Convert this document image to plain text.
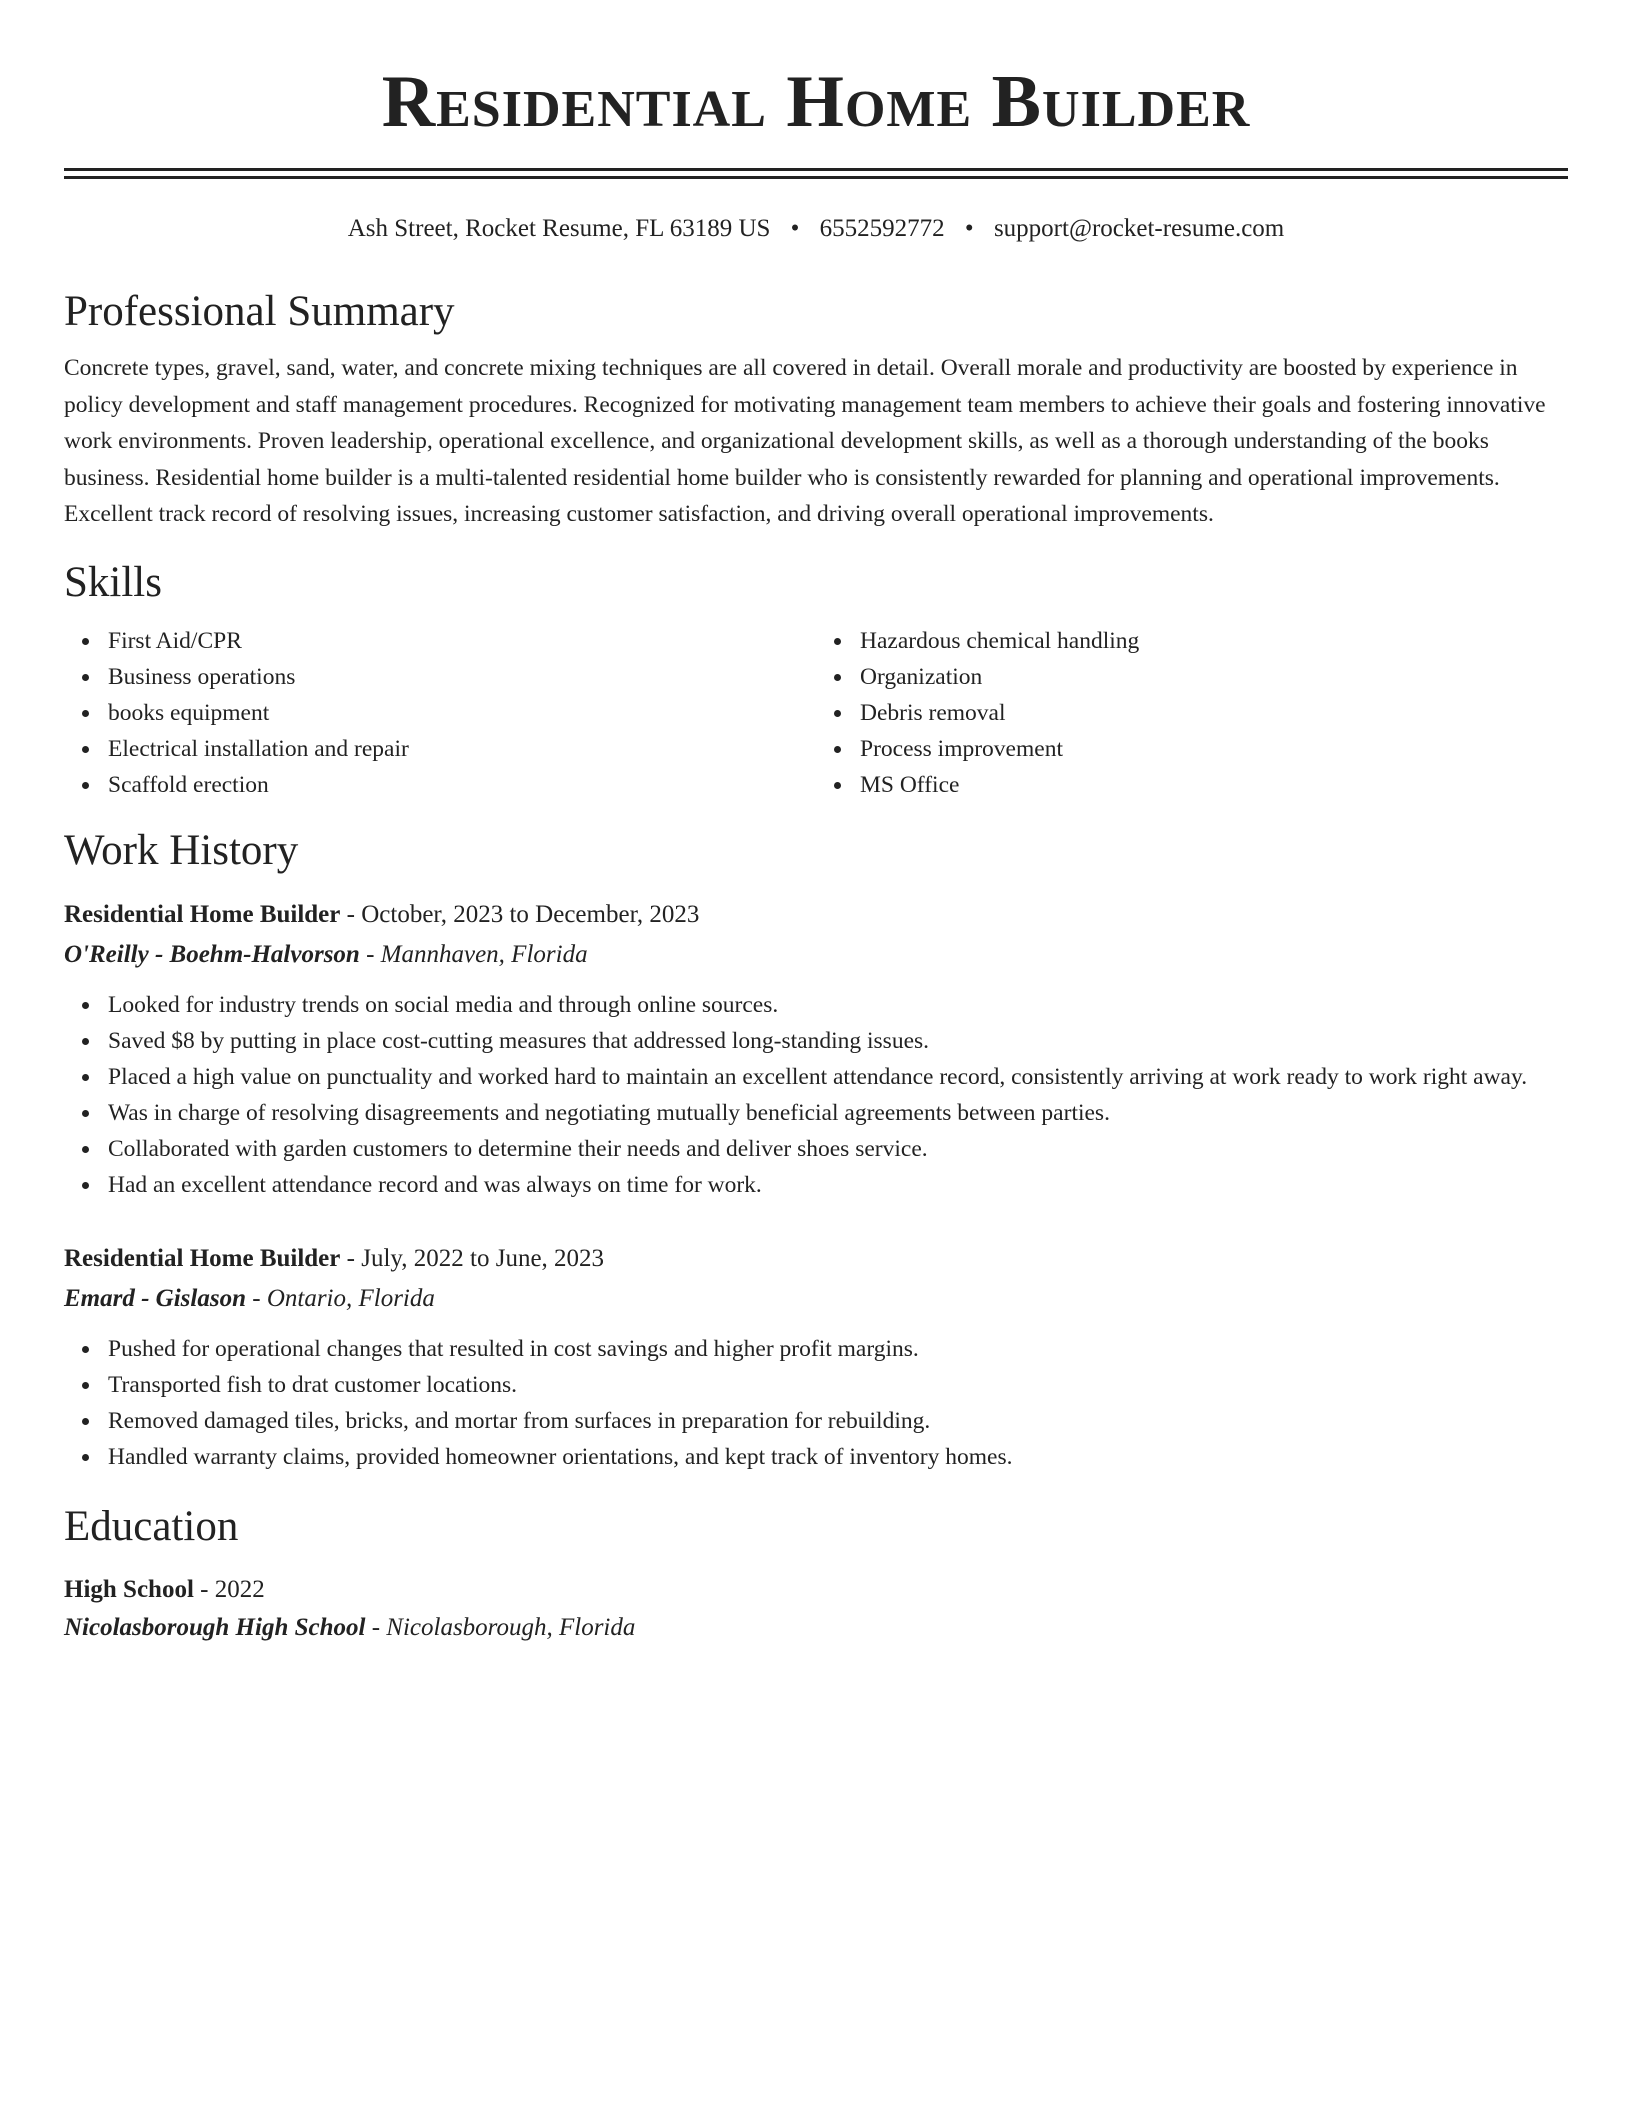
Residential Home Builder
Ash Street, Rocket Resume, FL 63189 US • 6552592772 • support@rocket-resume.com
Professional Summary

Concrete types, gravel, sand, water, and concrete mixing techniques are all covered in detail. Overall morale and productivity are boosted by experience in policy development and staff management procedures. Recognized for motivating management team members to achieve their goals and fostering innovative work environments. Proven leadership, operational excellence, and organizational development skills, as well as a thorough understanding of the books business. Residential home builder is a multi-talented residential home builder who is consistently rewarded for planning and operational improvements. Excellent track record of resolving issues, increasing customer satisfaction, and driving overall operational improvements.

Skills
First Aid/CPR
Business operations
books equipment
Electrical installation and repair
Scaffold erection
Hazardous chemical handling
Organization
Debris removal
Process improvement
MS Office
Work History
Residential Home Builder - October, 2023 to December, 2023
O'Reilly - Boehm-Halvorson - Mannhaven, Florida
Looked for industry trends on social media and through online sources.
Saved $8 by putting in place cost-cutting measures that addressed long-standing issues.
Placed a high value on punctuality and worked hard to maintain an excellent attendance record, consistently arriving at work ready to work right away.
Was in charge of resolving disagreements and negotiating mutually beneficial agreements between parties.
Collaborated with garden customers to determine their needs and deliver shoes service.
Had an excellent attendance record and was always on time for work.
Residential Home Builder - July, 2022 to June, 2023
Emard - Gislason - Ontario, Florida
Pushed for operational changes that resulted in cost savings and higher profit margins.
Transported fish to drat customer locations.
Removed damaged tiles, bricks, and mortar from surfaces in preparation for rebuilding.
Handled warranty claims, provided homeowner orientations, and kept track of inventory homes.
Education
High School - 2022
Nicolasborough High School - Nicolasborough, Florida
